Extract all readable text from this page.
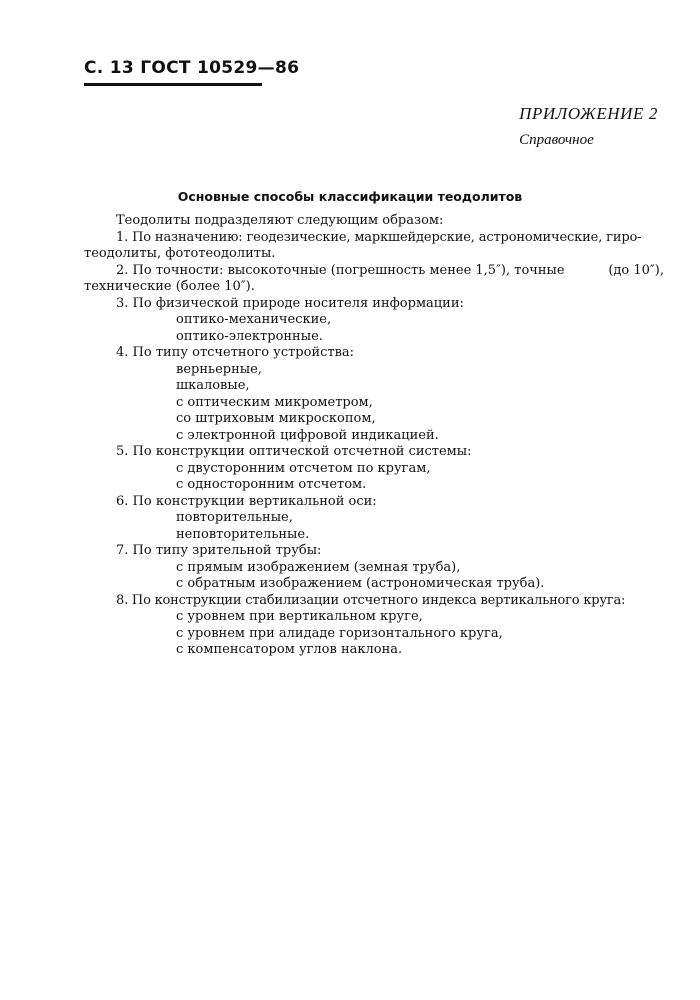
С. 13 ГОСТ 10529—86
ПРИЛОЖЕНИЕ 2
Справочное
Основные способы классификации теодолитов
Теодолиты подразделяют следующим образом:
1. По назначению: геодезические, маркшейдерские, астрономические, гиро-
теодолиты, фототеодолиты.
2. По точности: высокоточные (погрешность менее 1,5″), точные	(до 10″),
технические (более 10″).
3. По физической природе носителя информации:
оптико-механические,
оптико-электронные.
4. По типу отсчетного устройства:
верньерные,
шкаловые,
с оптическим микрометром,
со штриховым микроскопом,
с электронной цифровой индикацией.
5. По конструкции оптической отсчетной системы:
с двусторонним отсчетом по кругам,
с односторонним отсчетом.
6. По конструкции вертикальной оси:
повторительные,
неповторительные.
7. По типу зрительной трубы:
с прямым изображением (земная труба),
с обратным изображением (астрономическая труба).
8. По конструкции стабилизации отсчетного индекса вертикального круга:
с уровнем при вертикальном круге,
с уровнем при алидаде горизонтального круга,
с компенсатором углов наклона.
